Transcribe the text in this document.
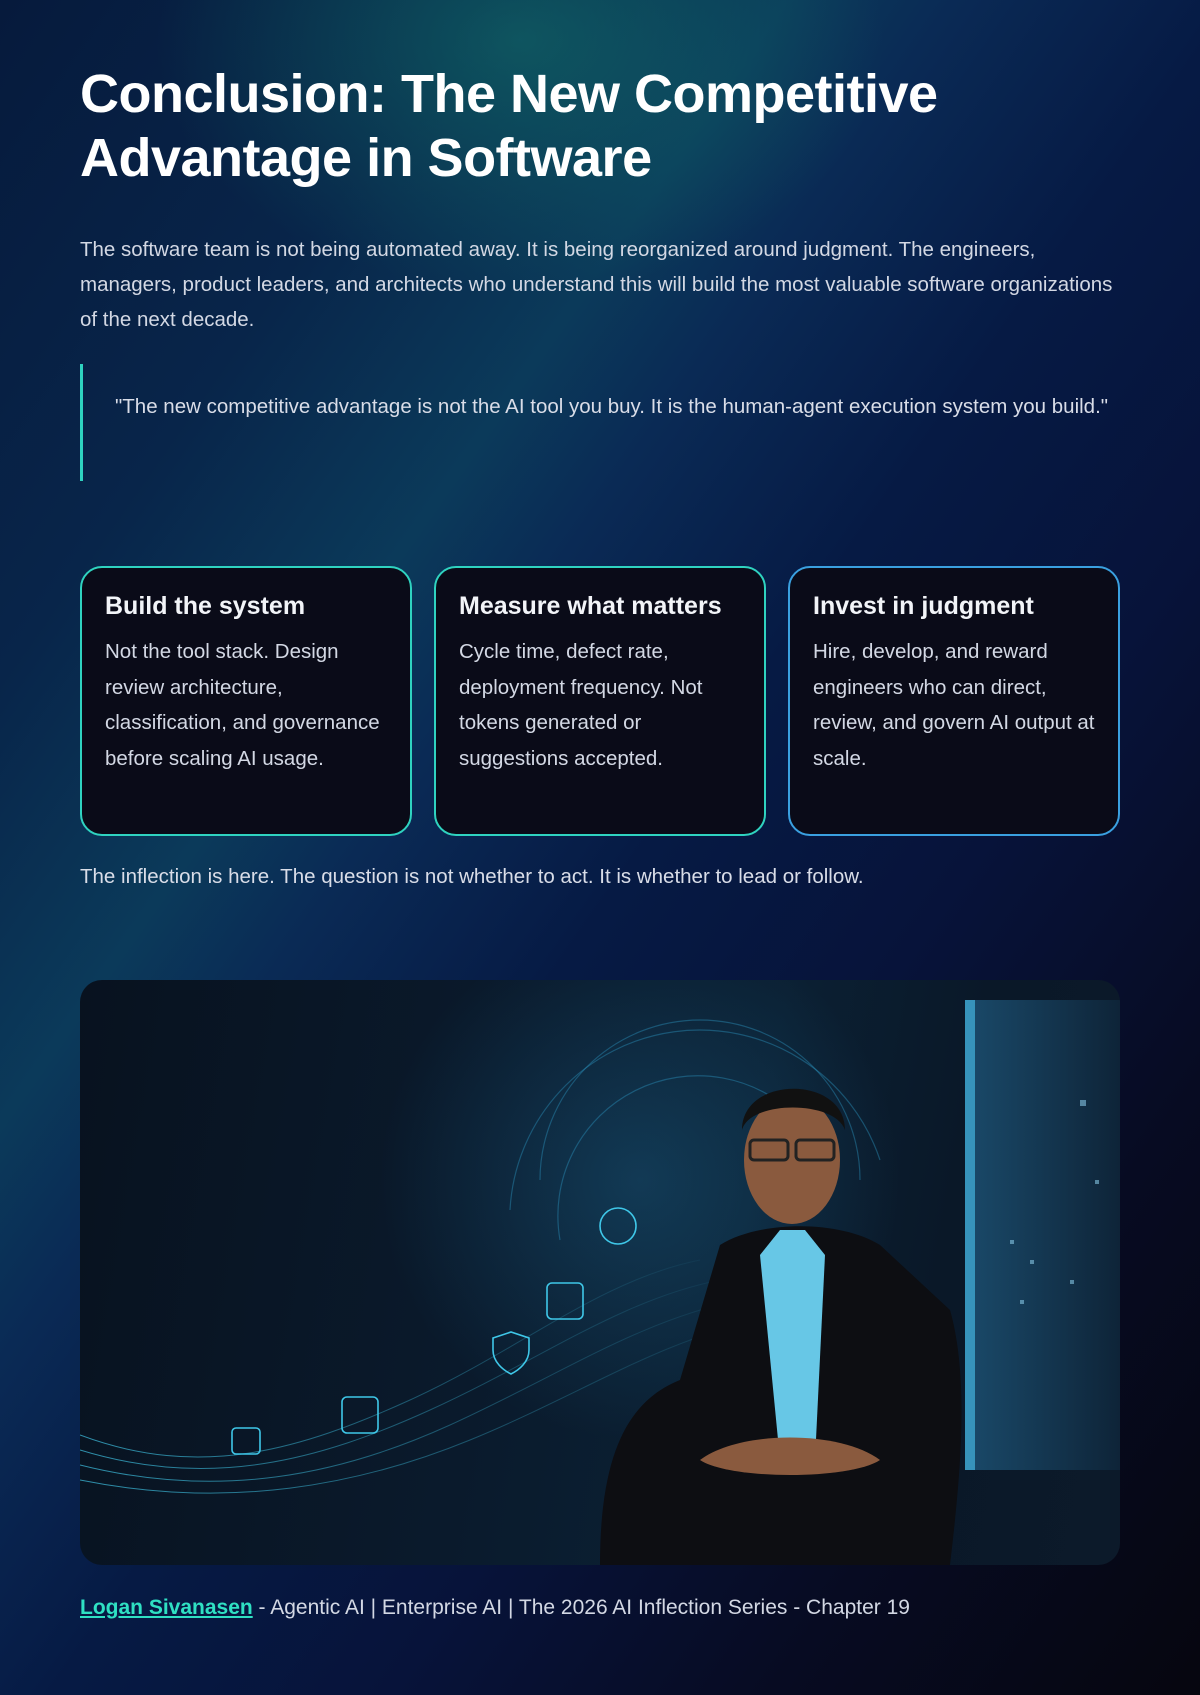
Conclusion: The New Competitive Advantage in Software

The software team is not being automated away. It is being reorganized around judgment. The engineers, managers, product leaders, and architects who understand this will build the most valuable software organizations of the next decade.

"The new competitive advantage is not the AI tool you buy. It is the human-agent execution system you build."
Build the system

Not the tool stack. Design review architecture, classification, and governance before scaling AI usage.

Measure what matters

Cycle time, defect rate, deployment frequency. Not tokens generated or suggestions accepted.

Invest in judgment

Hire, develop, and reward engineers who can direct, review, and govern AI output at scale.

The inflection is here. The question is not whether to act. It is whether to lead or follow.

Logan Sivanasen - Agentic AI | Enterprise AI | The 2026 AI Inflection Series - Chapter 19
